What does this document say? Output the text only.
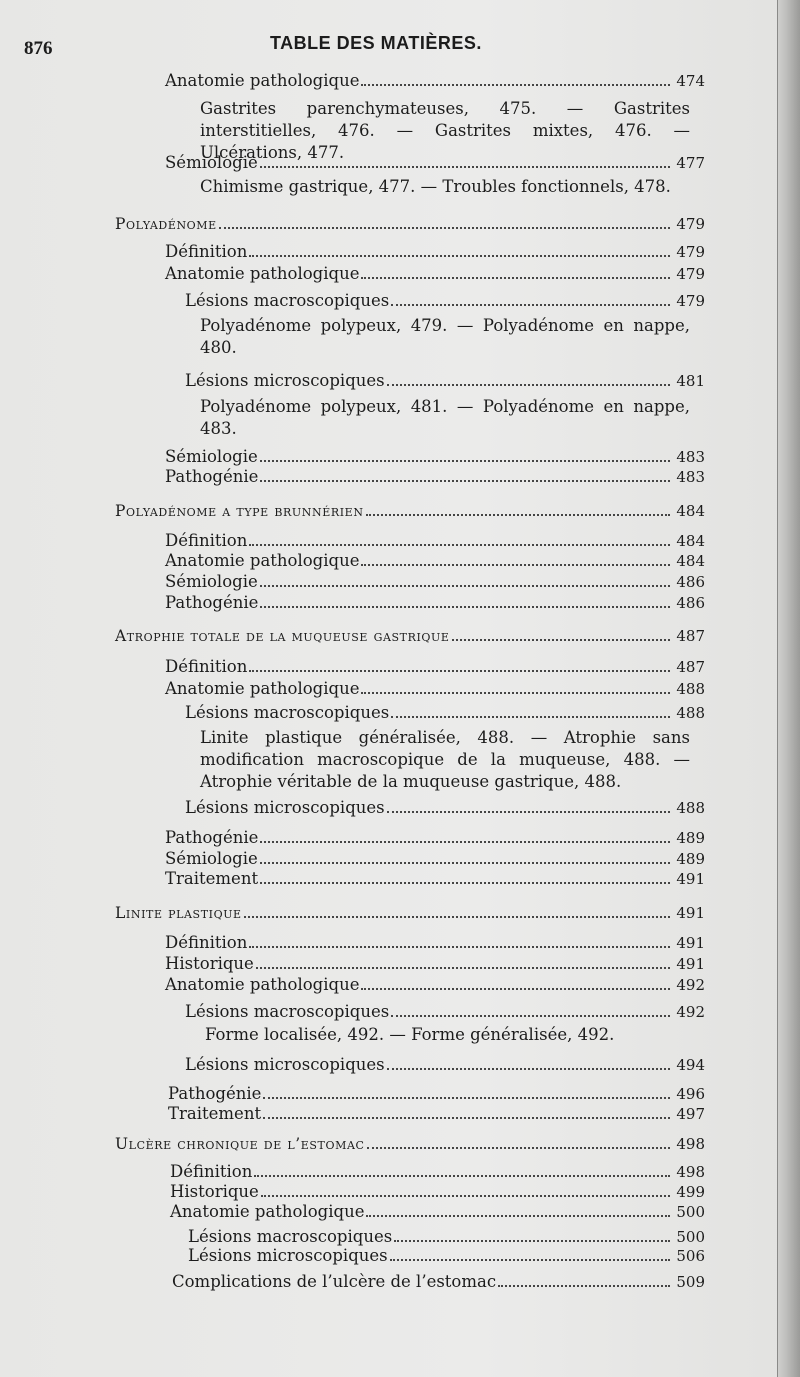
876	TABLE DES MATIÈRES.
Anatomie pathologique	474
Gastrites parenchymateuses, 475. — Gastrites interstitielles, 476. — Gastrites mixtes, 476. — Ulcérations, 477.
Sémiologie	477
Chimisme gastrique, 477. — Troubles fonctionnels, 478.
Polyadénome	479
Définition	479
Anatomie pathologique	479
Lésions macroscopiques	479
Polyadénome polypeux, 479. — Polyadénome en nappe, 480.
Lésions microscopiques	481
Polyadénome polypeux, 481. — Polyadénome en nappe, 483.
Sémiologie	483
Pathogénie	483
Polyadénome a type brunnérien	484
Définition	484
Anatomie pathologique	484
Sémiologie	486
Pathogénie	486
Atrophie totale de la muqueuse gastrique	487
Définition	487
Anatomie pathologique	488
Lésions macroscopiques	488
Linite plastique généralisée, 488. — Atrophie sans modification macroscopique de la muqueuse, 488. — Atrophie véritable de la muqueuse gastrique, 488.
Lésions microscopiques	488
Pathogénie	489
Sémiologie	489
Traitement	491
Linite plastique	491
Définition	491
Historique	491
Anatomie pathologique	492
Lésions macroscopiques	492
Forme localisée, 492. — Forme généralisée, 492.
Lésions microscopiques	494
Pathogénie	496
Traitement	497
Ulcère chronique de l’estomac	498
Définition	498
Historique	499
Anatomie pathologique	500
Lésions macroscopiques	500
Lésions microscopiques	506
Complications de l’ulcère de l’estomac	509
